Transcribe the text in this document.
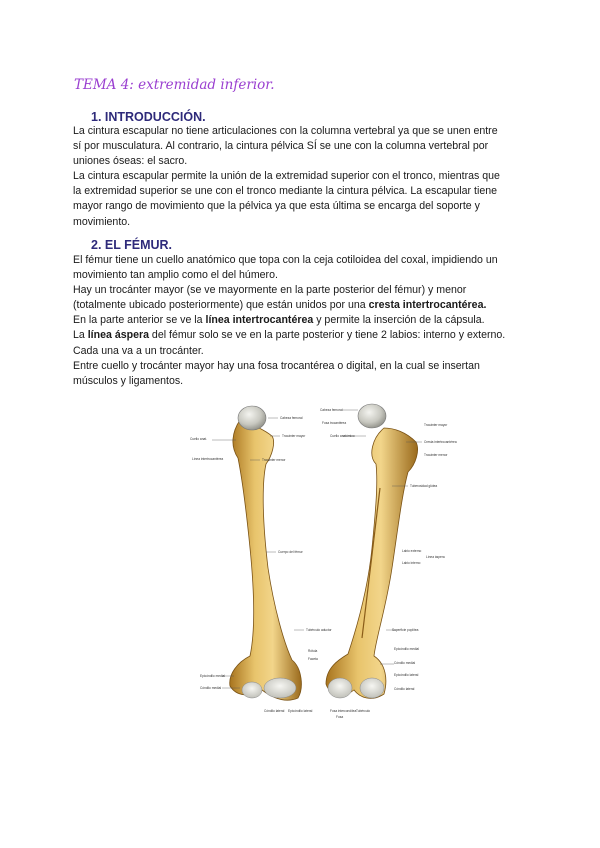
TEMA 4: extremidad inferior.
1. INTRODUCCIÓN.
La cintura escapular no tiene articulaciones con la columna vertebral ya que se unen entre
sí por musculatura. Al contrario, la cintura pélvica SÍ se une con la columna vertebral por
uniones óseas: el sacro.
La cintura escapular permite la unión de la extremidad superior con el tronco, mientras que
la extremidad superior se une con el tronco mediante la cintura pélvica. La escapular tiene
mayor rango de movimiento que la pélvica ya que esta última se encarga del soporte y
movimiento.
2. EL FÉMUR.
El fémur tiene un cuello anatómico que topa con la ceja cotiloidea del coxal, impidiendo un
movimiento tan amplio como el del húmero.
Hay un trocánter mayor (se ve mayormente en la parte posterior del fémur) y menor
(totalmente ubicado posteriormente) que están unidos por una cresta intertrocantérea.
En la parte anterior se ve la línea intertrocantérea y permite la inserción de la cápsula.
La línea áspera del fémur solo se ve en la parte posterior y tiene 2 labios: interno y externo.
Cada una va a un trocánter.
Entre cuello y trocánter mayor hay una fosa trocantérea o digital, en la cual se insertan
músculos y ligamentos.
Cabeza femoral
Trocánter mayor
Cuello anat.
Línea intertrocantérea	Trocánter menor
Cuerpo del fémur
Tubérculo aductor
Epicóndilo medial
Cóndilo medial
Cóndilo lateral Epicóndilo lateral
Rótula
Faceta
Cabeza femoral
Fosa trocantérea
Cuello anatómico
Trocánter mayor
Cresta intertrocantérea
Trocánter menor
Tuberosidad glútea
Labio externo
Labio interno
Línea áspera
Superficie poplítea
Epicóndilo medial
Cóndilo medial
Epicóndilo lateral
Cóndilo lateral
Fosa intercondílea Tubérculo
Fosa
